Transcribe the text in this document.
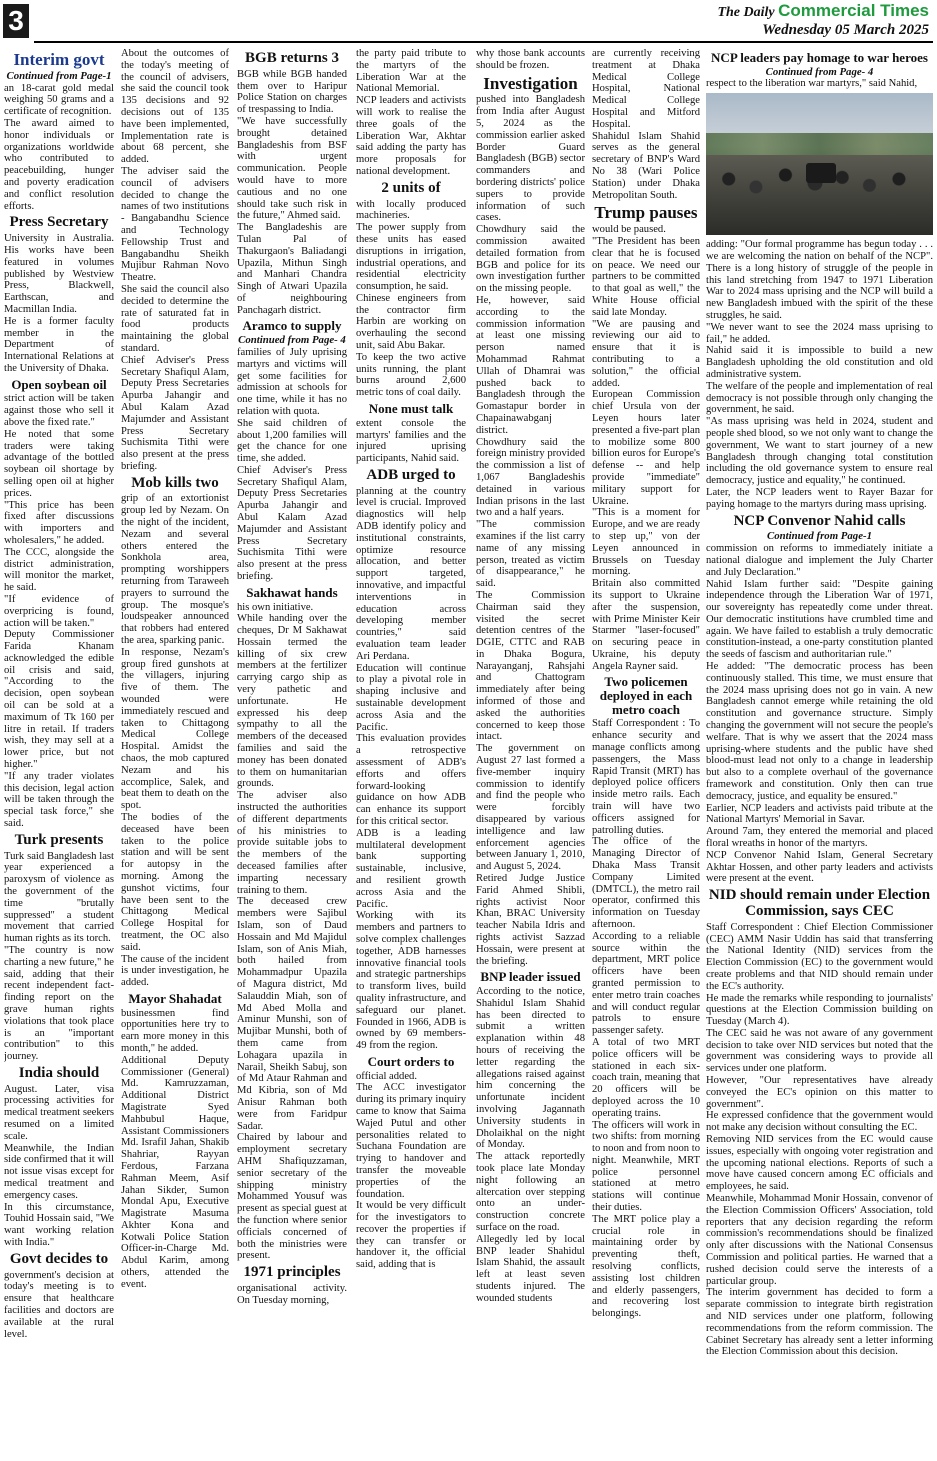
3	The Daily Commercial Times
Wednesday 05 March 2025
Interim govt
Continued from Page-1

an 18-carat gold medal weighing 50 grams and a certificate of recognition.

The award aimed to honor individuals or organizations worldwide who contributed to peacebuilding, hunger and poverty eradication and conflict resolution efforts.

Press Secretary

University in Australia. His works have been featured in volumes published by Westview Press, Blackwell, Earthscan, and Macmillan India.

He is a former faculty member in the Department of International Relations at the University of Dhaka.

Open soybean oil

strict action will be taken against those who sell it above the fixed rate."

He noted that some traders were taking advantage of the bottled soybean oil shortage by selling open oil at higher prices.

"This price has been fixed after discussions with importers and wholesalers," he added.

The CCC, alongside the district administration, will monitor the market, he said.

"If evidence of overpricing is found, action will be taken."

Deputy Commissioner Farida Khanam acknowledged the edible oil crisis and said, "According to the decision, open soybean oil can be sold at a maximum of Tk 160 per litre in retail. If traders wish, they may sell at a lower price, but not higher."

"If any trader violates this decision, legal action will be taken through the special task force," she said.

Turk presents

Turk said Bangladesh last year experienced a paroxysm of violence as the government of the time "brutally suppressed" a student movement that carried human rights as its torch.

"The country is now charting a new future," he said, adding that their recent independent fact-finding report on the grave human rights violations that took place is an "important contribution" to this journey.

India should

August. Later, visa processing activities for medical treatment seekers resumed on a limited scale.

Meanwhile, the Indian side confirmed that it will not issue visas except for medical treatment and emergency cases.

In this circumstance, Touhid Hossain said, "We want working relation with India."

Govt decides to

government's decision at today's meeting is to ensure that healthcare facilities and doctors are available at the rural level.

About the outcomes of the today's meeting of the council of advisers, she said the council took 135 decisions and 92 decisions out of 135 have been implemented, Implementation rate is about 68 percent, she added.

The adviser said the council of advisers decided to change the names of two institutions - Bangabandhu Science and Technology Fellowship Trust and Bangabandhu Sheikh Mujibur Rahman Novo Theatre.

She said the council also decided to determine the rate of saturated fat in food products maintaining the global standard.

Chief Adviser's Press Secretary Shafiqul Alam, Deputy Press Secretaries Apurba Jahangir and Abul Kalam Azad Majumder and Assistant Press Secretary Suchismita Tithi were also present at the press briefing.

Mob kills two

grip of an extortionist group led by Nezam. On the night of the incident, Nezam and several others entered the Sonkhola area, prompting worshippers returning from Taraweeh prayers to surround the group. The mosque's loudspeaker announced that robbers had entered the area, sparking panic.

In response, Nezam's group fired gunshots at the villagers, injuring five of them. The wounded were immediately rescued and taken to Chittagong Medical College Hospital. Amidst the chaos, the mob captured Nezam and his accomplice, Salek, and beat them to death on the spot.

The bodies of the deceased have been taken to the police station and will be sent for autopsy in the morning. Among the gunshot victims, four have been sent to the Chittagong Medical College Hospital for treatment, the OC also said.

The cause of the incident is under investigation, he added.

Mayor Shahadat

businessmen find opportunities here try to earn more money in this month," he added.

Additional Deputy Commissioner (General) Md. Kamruzzaman, Additional District Magistrate Syed Mahbubul Haque, Assistant Commissioners Md. Israfil Jahan, Shakib Shahriar, Rayyan Ferdous, Farzana Rahman Meem, Asif Jahan Sikder, Sumon Mondal Apu, Executive Magistrate Masuma Akhter Kona and Kotwali Police Station Officer-in-Charge Md. Abdul Karim, among others, attended the event.

BGB returns 3

BGB while BGB handed them over to Haripur Police Station on charges of trespassing to India.

"We have successfully brought detained Bangladeshis from BSF with urgent communication. People would have to more cautious and no one should take such risk in the future," Ahmed said.

The Bangladeshis are Tulan Pal of Thakurgaon's Baliadangi Upazila, Mithun Singh and Manhari Chandra Singh of Atwari Upazila of neighbouring Panchagarh district.

Aramco to supply
Continued from Page- 4

families of July uprising martyrs and victims will get some facilities for admission at schools for one time, while it has no relation with quota.

She said children of about 1,200 families will get the chance for one time, she added.

Chief Adviser's Press Secretary Shafiqul Alam, Deputy Press Secretaries Apurba Jahangir and Abul Kalam Azad Majumder and Assistant Press Secretary Suchismita Tithi were also present at the press briefing.

Sakhawat hands

his own initiative.

While handing over the cheques, Dr M Sakhawat Hossain termed the killing of six crew members at the fertilizer carrying cargo ship as very pathetic and unfortunate. He expressed his deep sympathy to all the members of the deceased families and said the money has been donated to them on humanitarian grounds.

The adviser also instructed the authorities of different departments of his ministries to provide suitable jobs to the members of the deceased families after imparting necessary training to them.

The deceased crew members were Sajibul Islam, son of Daud Hossain and Md Majidul Islam, son of Anis Miah, both hailed from Mohammadpur Upazila of Magura district, Md Salauddin Miah, son of Md Abed Molla and Aminur Munshi, son of Mujibar Munshi, both of them came from Lohagara upazila in Narail, Sheikh Sabuj, son of Md Ataur Rahman and Md Kibria, son of Md Anisur Rahman both were from Faridpur Sadar.

Chaired by labour and employment secretary AHM Shafiquzzaman, senior secretary of the shipping ministry Mohammed Yousuf was present as special guest at the function where senior officials concerned of both the ministries were present.

1971 principles

organisational activity. On Tuesday morning,

the party paid tribute to the martyrs of the Liberation War at the National Memorial.

NCP leaders and activists will work to realise the three goals of the Liberation War, Akhtar said adding the party has more proposals for national development.

2 units of

with locally produced machineries.

The power supply from these units has eased disruptions in irrigation, industrial operations, and residential electricity consumption, he said.

Chinese engineers from the contractor firm Harbin are working on overhauling the second unit, said Abu Bakar.

To keep the two active units running, the plant burns around 2,600 metric tons of coal daily.

None must talk

extent console the martyrs' families and the injured uprising participants, Nahid said.

ADB urged to

planning at the country level is crucial. Improved diagnostics will help ADB identify policy and institutional constraints, optimize resource allocation, and better support targeted, innovative, and impactful interventions in education across developing member countries," said evaluation team leader Ari Perdana.

Education will continue to play a pivotal role in shaping inclusive and sustainable development across Asia and the Pacific.

This evaluation provides a retrospective assessment of ADB's efforts and offers forward-looking guidance on how ADB can enhance its support for this critical sector.

ADB is a leading multilateral development bank supporting sustainable, inclusive, and resilient growth across Asia and the Pacific.

Working with its members and partners to solve complex challenges together, ADB harnesses innovative financial tools and strategic partnerships to transform lives, build quality infrastructure, and safeguard our planet. Founded in 1966, ADB is owned by 69 members-49 from the region.

Court orders to

official added.

The ACC investigator during its primary inquiry came to know that Saima Wajed Putul and other personalities related to Suchana Foundation are trying to handover and transfer the moveable properties of the foundation.

It would be very difficult for the investigators to recover the properties if they can transfer or handover it, the official said, adding that is

why those bank accounts should be frozen.

Investigation

pushed into Bangladesh from India after August 5, 2024 as the commission earlier asked Border Guard Bangladesh (BGB) sector commanders and bordering districts' police supers to provide information of such cases.

Chowdhury said the commission awaited detailed formation from BGB and police for its own investigation further on the missing people.

He, however, said according to the commission information at least one missing person named Mohammad Rahmat Ullah of Dhamrai was pushed back to Bangladesh through the Gomastapur border in Chapainawabganj district.

Chowdhury said the foreign ministry provided the commission a list of 1,067 Bangladeshis detained in various Indian prisons in the last two and a half years.

"The commission examines if the list carry name of any missing person, treated as victim of disappearance," he said.

The Commission Chairman said they visited the secret detention centres of the DGIE, CTTC and RAB in Dhaka Bogura, Narayanganj, Rahsjahi and Chattogram immediately after being informed of those and asked the authorities concerned to keep those intact.

The government on August 27 last formed a five-member inquiry commission to identify and find the people who were forcibly disappeared by various intelligence and law enforcement agencies between January 1, 2010, and August 5, 2024.

Retired Judge Justice Farid Ahmed Shibli, rights activist Noor Khan, BRAC University teacher Nabila Idris and rights activist Sazzad Hossain, were present at the briefing.

BNP leader issued

According to the notice, Shahidul Islam Shahid has been directed to submit a written explanation within 48 hours of receiving the letter regarding the allegations raised against him concerning the unfortunate incident involving Jagannath University students in Dholaikhal on the night of Monday.

The attack reportedly took place late Monday night following an altercation over stepping onto an under-construction concrete surface on the road.

Allegedly led by local BNP leader Shahidul Islam Shahid, the assault left at least seven students injured. The wounded students

are currently receiving treatment at Dhaka Medical College Hospital, National Medical College Hospital and Mitford Hospital.

Shahidul Islam Shahid serves as the general secretary of BNP's Ward No 38 (Wari Police Station) under Dhaka Metropolitan South.

Trump pauses

would be paused.

"The President has been clear that he is focused on peace. We need our partners to be committed to that goal as well," the White House official said late Monday.

"We are pausing and reviewing our aid to ensure that it is contributing to a solution," the official added.

European Commission chief Ursula von der Leyen hours later presented a five-part plan to mobilize some 800 billion euros for Europe's defense -- and help provide "immediate" military support for Ukraine.

"This is a moment for Europe, and we are ready to step up," von der Leyen announced in Brussels on Tuesday morning.

Britain also committed its support to Ukraine after the suspension, with Prime Minister Keir Starmer "laser-focused" on securing peace in Ukraine, his deputy Angela Rayner said.

Two policemen deployed in each metro coach

Staff Correspondent : To enhance security and manage conflicts among passengers, the Mass Rapid Transit (MRT) has deployed police officers inside metro rails. Each train will have two officers assigned for patrolling duties.

The office of the Managing Director of Dhaka Mass Transit Company Limited (DMTCL), the metro rail operator, confirmed this information on Tuesday afternoon.

According to a reliable source within the department, MRT police officers have been granted permission to enter metro train coaches and will conduct regular patrols to ensure passenger safety.

A total of two MRT police officers will be stationed in each six-coach train, meaning that 20 officers will be deployed across the 10 operating trains.

The officers will work in two shifts: from morning to noon and from noon to night. Meanwhile, MRT police personnel stationed at metro stations will continue their duties.

The MRT police play a crucial role in maintaining order by preventing theft, resolving conflicts, assisting lost children and elderly passengers, and recovering lost belongings.

NCP leaders pay homage to war heroes
Continued from Page- 4

respect to the liberation war martyrs," said Nahid,

adding: "Our formal programme has begun today . . . we are welcoming the nation on behalf of the NCP". There is a long history of struggle of the people in this land stretching from 1947 to 1971 Liberation War to 2024 mass uprising and the NCP will build a new Bangladesh imbued with the spirit of the these struggles, he said.

"We never want to see the 2024 mass uprising to fail," he added.

Nahid said it is impossible to build a new Bangladesh upholding the old constitution and old administrative system.

The welfare of the people and implementation of real democracy is not possible through only changing the government, he said.

"As mass uprising was held in 2024, student and people shed blood, so we not only want to change the government, We want to start journey of a new Bangladesh through changing total constitution including the old governance system to ensure real democracy, justice and equality," he continued.

Later, the NCP leaders went to Rayer Bazar for paying homage to the martyrs during mass uprising.

NCP Convenor Nahid calls
Continued from Page-1

commission on reforms to immediately initiate a national dialogue and implement the July Charter and July Declaration."

Nahid Islam further said: "Despite gaining independence through the Liberation War of 1971, our sovereignty has repeatedly come under threat. Our democratic institutions have crumbled time and again. We have failed to establish a truly democratic constitution-instead, a one-party constitution planted the seeds of fascism and authoritarian rule."

He added: "The democratic process has been continuously stalled. This time, we must ensure that the 2024 mass uprising does not go in vain. A new Bangladesh cannot emerge while retaining the old constitution and governance structure. Simply changing the government will not secure the people's welfare. That is why we assert that the 2024 mass uprising-where students and the public have shed blood-must lead not only to a change in leadership but also to a complete overhaul of the governance framework and constitution. Only then can true democracy, justice, and equality be ensured."

Earlier, NCP leaders and activists paid tribute at the National Martyrs' Memorial in Savar.

Around 7am, they entered the memorial and placed floral wreaths in honor of the martyrs.

NCP Convenor Nahid Islam, General Secretary Akhtar Hossen, and other party leaders and activists were present at the event.

NID should remain under Election Commission, says CEC

Staff Correspondent : Chief Election Commissioner (CEC) AMM Nasir Uddin has said that transferring the National Identity (NID) services from the Election Commission (EC) to the government would create problems and that NID should remain under the EC's authority.

He made the remarks while responding to journalists' questions at the Election Commission building on Tuesday (March 4).

The CEC said he was not aware of any government decision to take over NID services but noted that the government was considering ways to provide all services under one platform.

However, "Our representatives have already conveyed the EC's opinion on this matter to government".

He expressed confidence that the government would not make any decision without consulting the EC.

Removing NID services from the EC would cause issues, especially with ongoing voter registration and the upcoming national elections. Reports of such a move have caused concern among EC officials and employees, he said.

Meanwhile, Mohammad Monir Hossain, convenor of the Election Commission Officers' Association, told reporters that any decision regarding the reform commission's recommendations should be finalized only after discussions with the National Consensus Commission and political parties. He warned that a rushed decision could serve the interests of a particular group.

The interim government has decided to form a separate commission to integrate birth registration and NID services under one platform, following recommendations from the reform commission. The Cabinet Secretary has already sent a letter informing the Election Commission about this decision.
